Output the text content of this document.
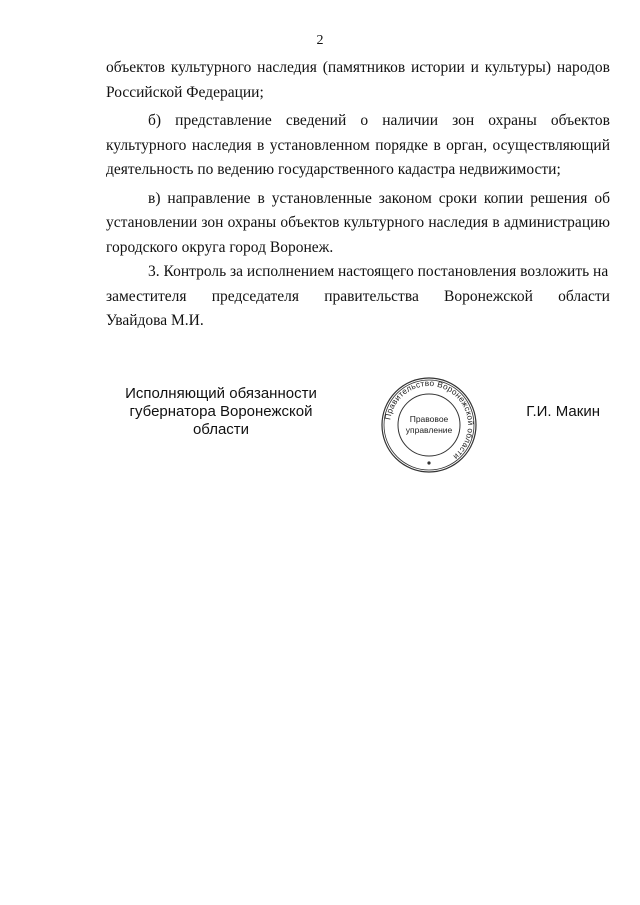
2

объектов культурного наследия (памятников истории и культуры) народов Российской Федерации;

б) представление сведений о наличии зон охраны объектов культурного наследия в установленном порядке в орган, осуществляющий деятельность по ведению государственного кадастра недвижимости;

в) направление в установленные законом сроки копии решения об установлении зон охраны объектов культурного наследия в администрацию городского округа город Воронеж.

3. Контроль за исполнением настоящего постановления возложить на

заместителя председателя правительства Воронежской области

Увайдова М.И.

Исполняющий обязанности
губернатора Воронежской области
Правительство Воронежской области
Правовое
управление
Г.И. Макин
